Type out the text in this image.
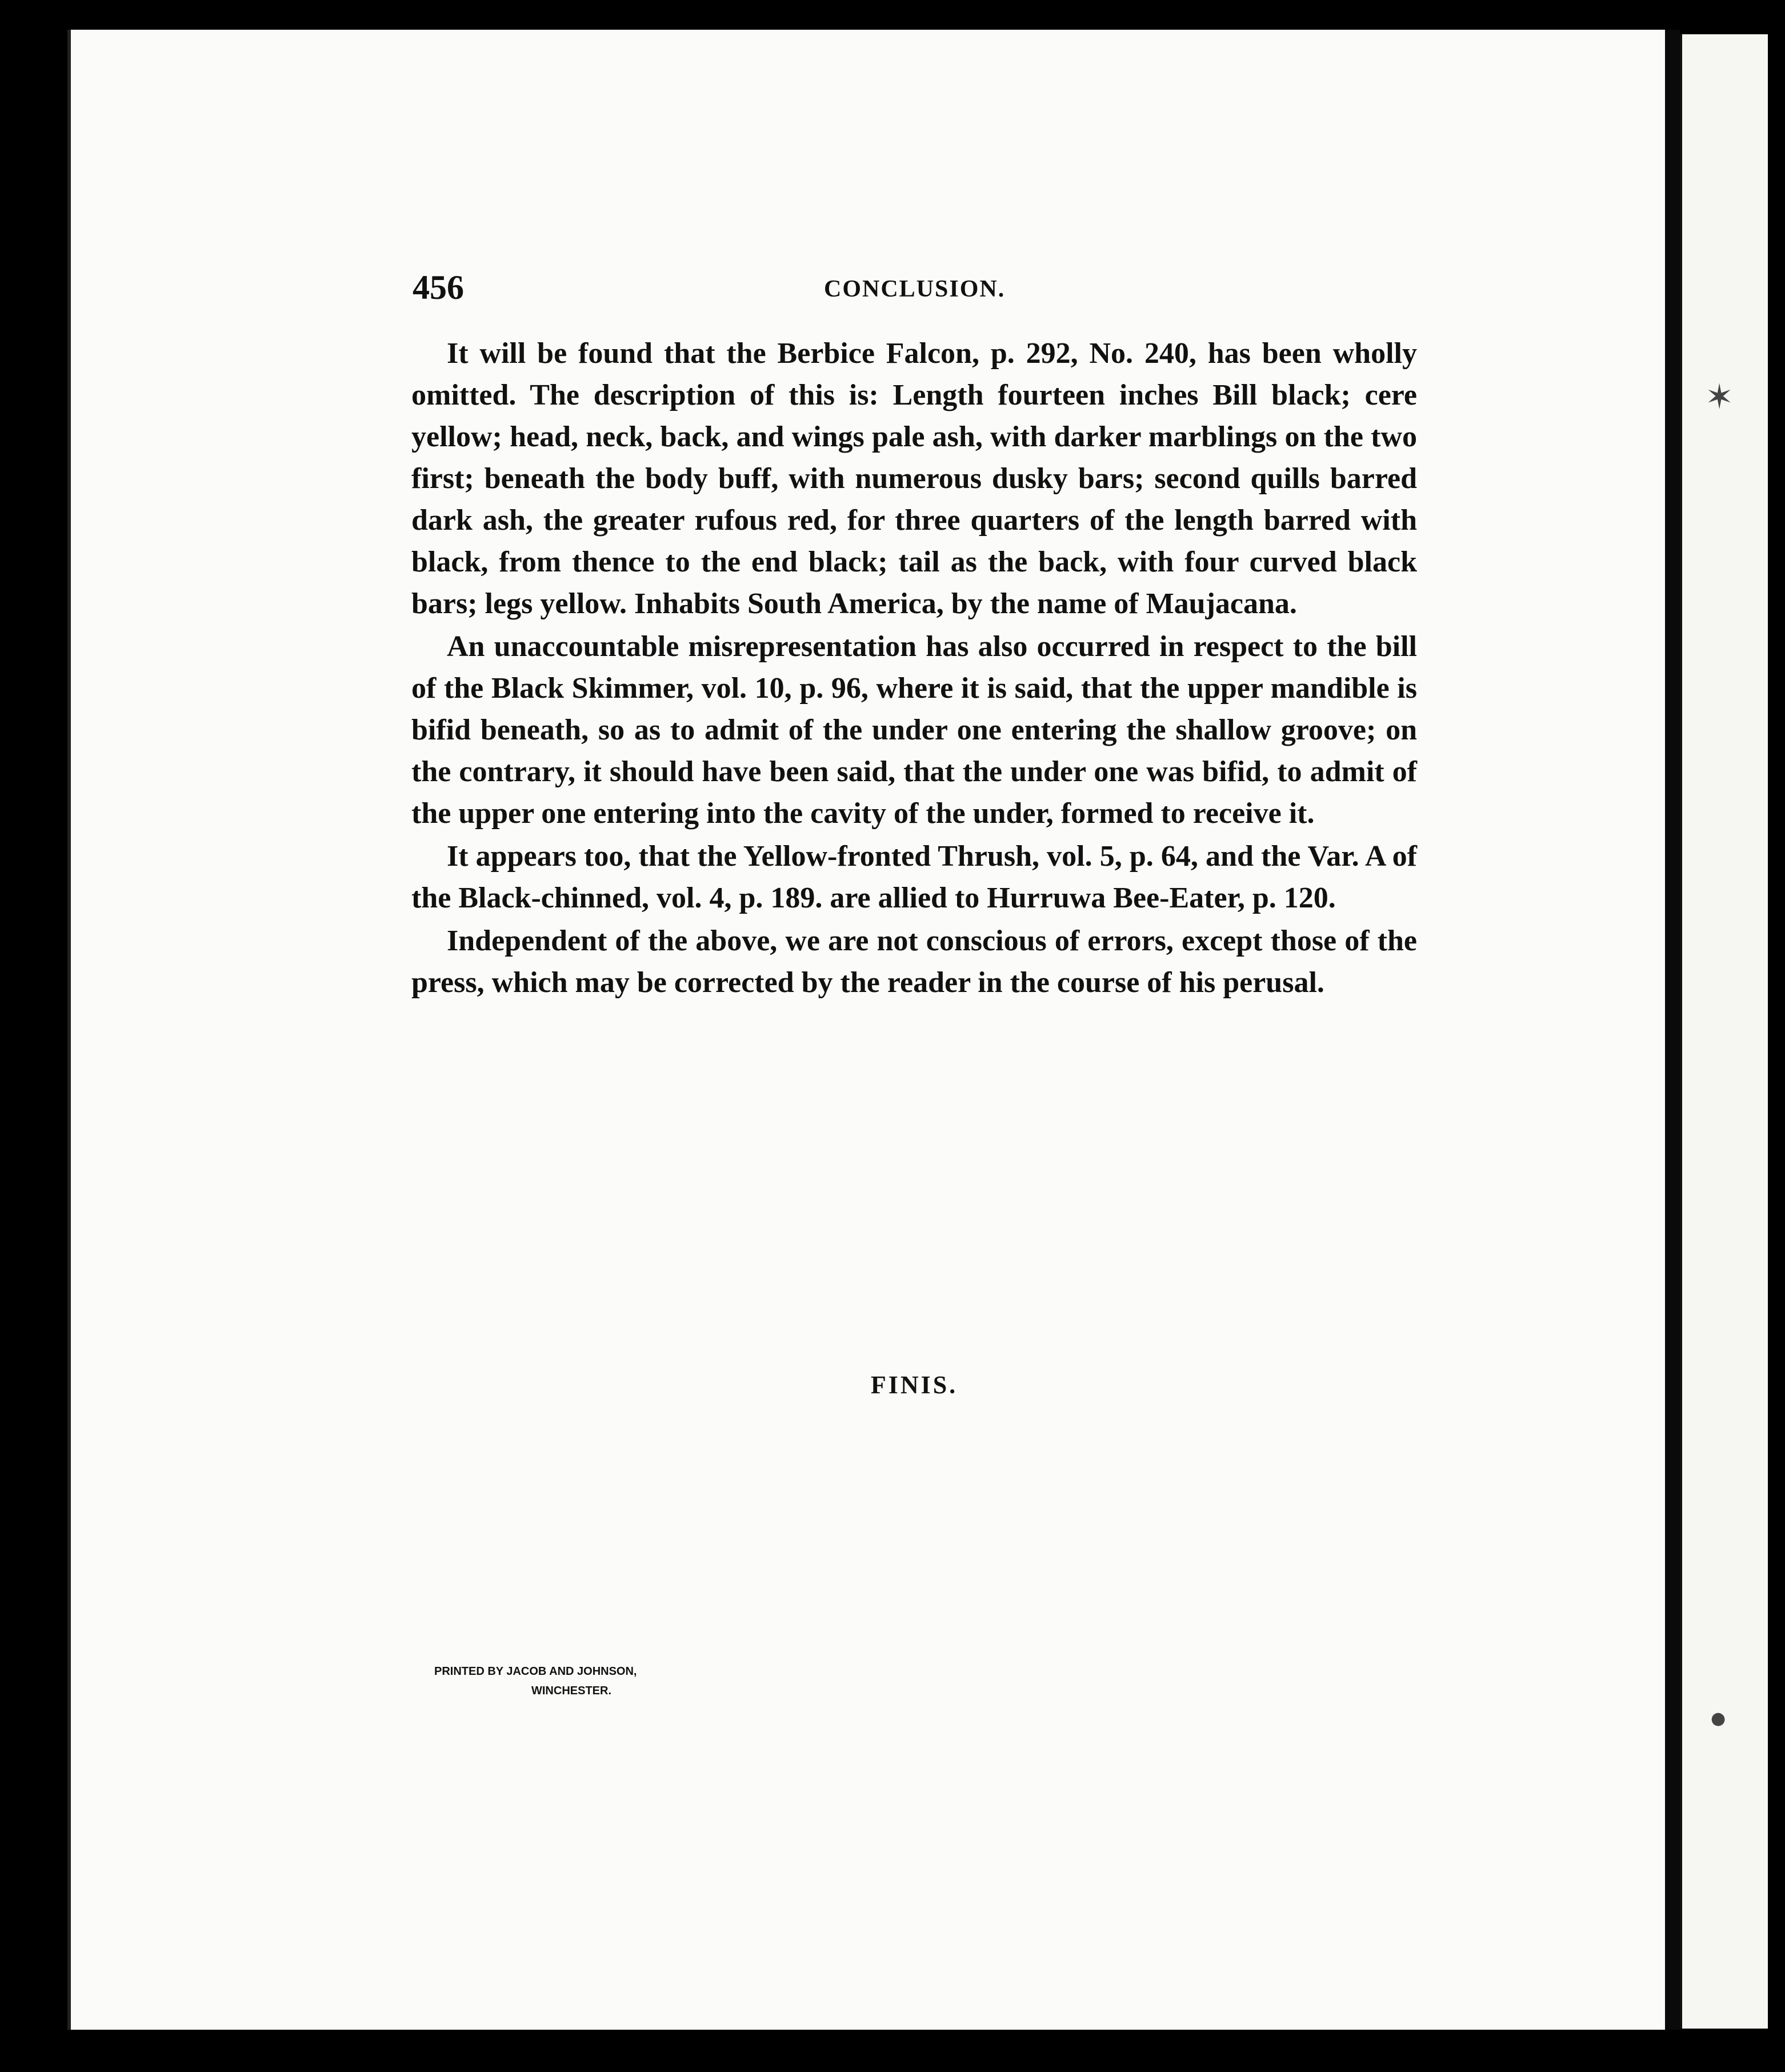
✶
●
456	CONCLUSION.

It will be found that the Berbice Falcon, p. 292, No. 240, has been wholly omitted. The description of this is: Length fourteen inches Bill black; cere yellow; head, neck, back, and wings pale ash, with darker marblings on the two first; beneath the body buff, with numerous dusky bars; second quills barred dark ash, the greater rufous red, for three quarters of the length barred with black, from thence to the end black; tail as the back, with four curved black bars; legs yellow. Inhabits South America, by the name of Maujacana.

An unaccountable misrepresentation has also occurred in respect to the bill of the Black Skimmer, vol. 10, p. 96, where it is said, that the upper mandible is bifid beneath, so as to admit of the under one entering the shallow groove; on the contrary, it should have been said, that the under one was bifid, to admit of the upper one entering into the cavity of the under, formed to receive it.

It appears too, that the Yellow-fronted Thrush, vol. 5, p. 64, and the Var. A of the Black-chinned, vol. 4, p. 189. are allied to Hurruwa Bee-Eater, p. 120.

Independent of the above, we are not conscious of errors, except those of the press, which may be corrected by the reader in the course of his perusal.

FINIS.
PRINTED BY JACOB AND JOHNSON,
WINCHESTER.
